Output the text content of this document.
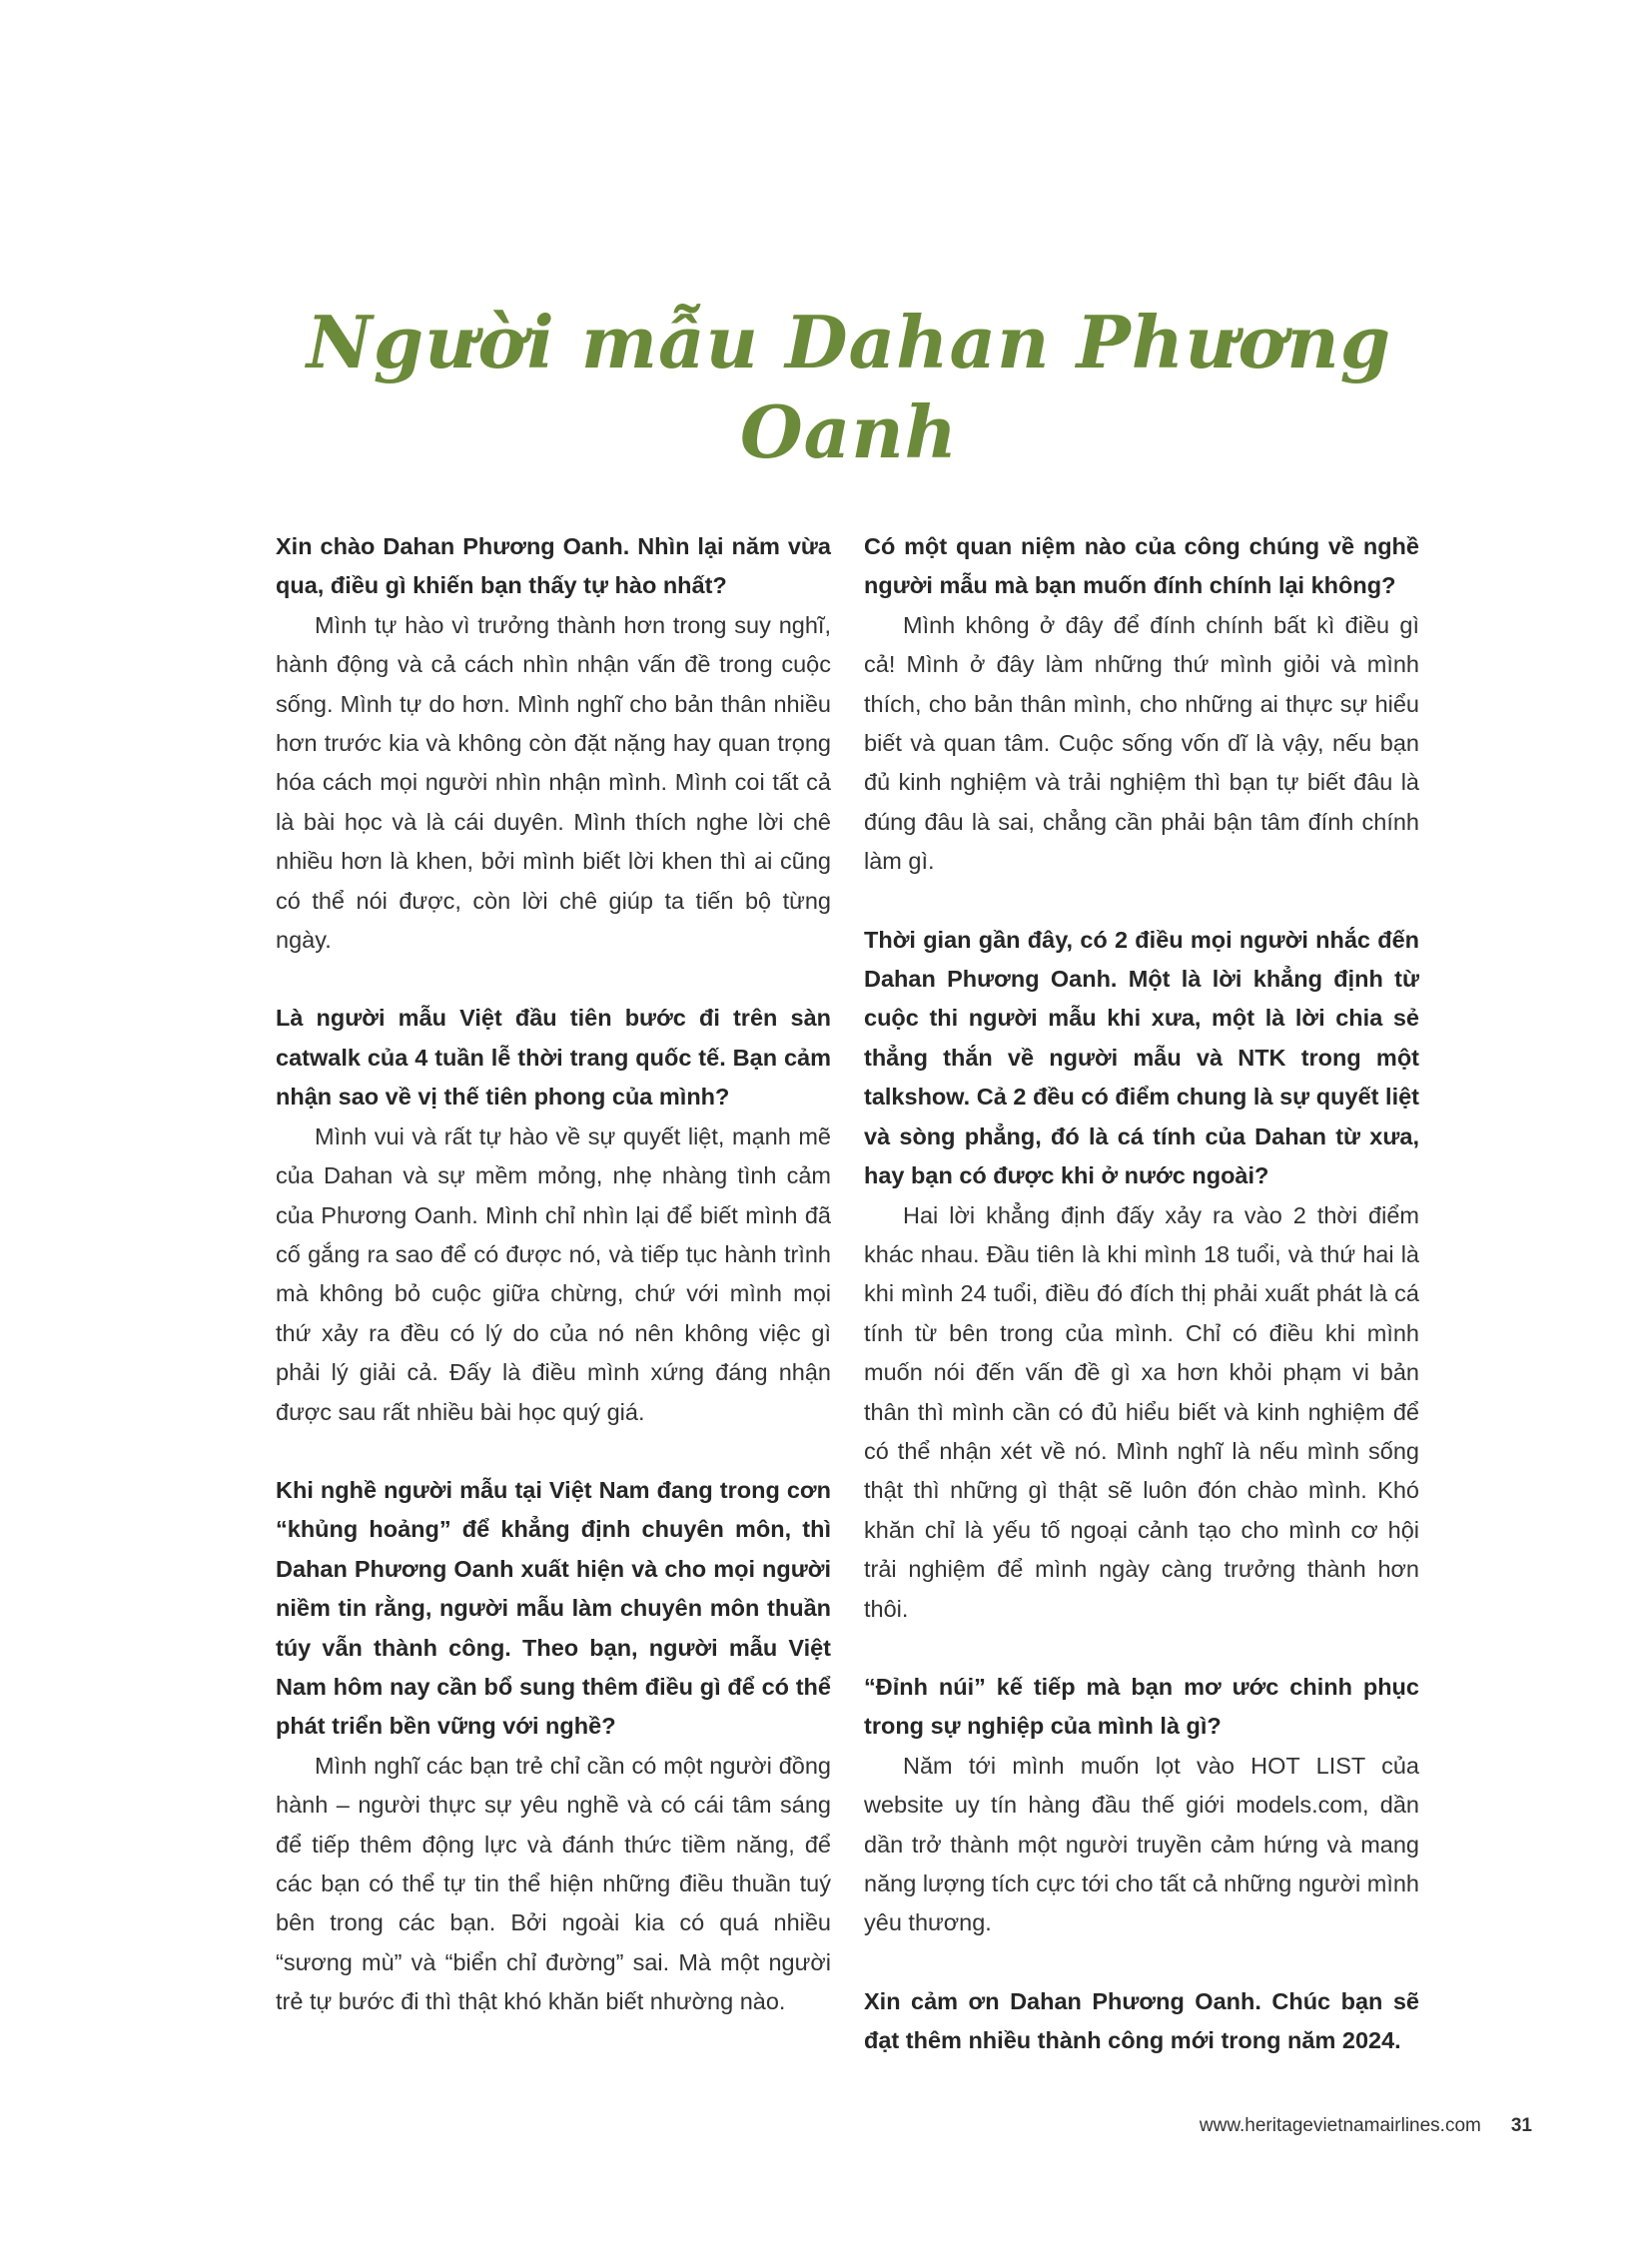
Người mẫu Dahan Phương Oanh

Xin chào Dahan Phương Oanh. Nhìn lại năm vừa qua, điều gì khiến bạn thấy tự hào nhất?

Mình tự hào vì trưởng thành hơn trong suy nghĩ, hành động và cả cách nhìn nhận vấn đề trong cuộc sống. Mình tự do hơn. Mình nghĩ cho bản thân nhiều hơn trước kia và không còn đặt nặng hay quan trọng hóa cách mọi người nhìn nhận mình. Mình coi tất cả là bài học và là cái duyên. Mình thích nghe lời chê nhiều hơn là khen, bởi mình biết lời khen thì ai cũng có thể nói được, còn lời chê giúp ta tiến bộ từng ngày.

Là người mẫu Việt đầu tiên bước đi trên sàn catwalk của 4 tuần lễ thời trang quốc tế. Bạn cảm nhận sao về vị thế tiên phong của mình?

Mình vui và rất tự hào về sự quyết liệt, mạnh mẽ của Dahan và sự mềm mỏng, nhẹ nhàng tình cảm của Phương Oanh. Mình chỉ nhìn lại để biết mình đã cố gắng ra sao để có được nó, và tiếp tục hành trình mà không bỏ cuộc giữa chừng, chứ với mình mọi thứ xảy ra đều có lý do của nó nên không việc gì phải lý giải cả. Đấy là điều mình xứng đáng nhận được sau rất nhiều bài học quý giá.

Khi nghề người mẫu tại Việt Nam đang trong cơn “khủng hoảng” để khẳng định chuyên môn, thì Dahan Phương Oanh xuất hiện và cho mọi người niềm tin rằng, người mẫu làm chuyên môn thuần túy vẫn thành công. Theo bạn, người mẫu Việt Nam hôm nay cần bổ sung thêm điều gì để có thể phát triển bền vững với nghề?

Mình nghĩ các bạn trẻ chỉ cần có một người đồng hành – người thực sự yêu nghề và có cái tâm sáng để tiếp thêm động lực và đánh thức tiềm năng, để các bạn có thể tự tin thể hiện những điều thuần tuý bên trong các bạn. Bởi ngoài kia có quá nhiều “sương mù” và “biển chỉ đường” sai. Mà một người trẻ tự bước đi thì thật khó khăn biết nhường nào.

Có một quan niệm nào của công chúng về nghề người mẫu mà bạn muốn đính chính lại không?

Mình không ở đây để đính chính bất kì điều gì cả! Mình ở đây làm những thứ mình giỏi và mình thích, cho bản thân mình, cho những ai thực sự hiểu biết và quan tâm. Cuộc sống vốn dĩ là vậy, nếu bạn đủ kinh nghiệm và trải nghiệm thì bạn tự biết đâu là đúng đâu là sai, chẳng cần phải bận tâm đính chính làm gì.

Thời gian gần đây, có 2 điều mọi người nhắc đến Dahan Phương Oanh. Một là lời khẳng định từ cuộc thi người mẫu khi xưa, một là lời chia sẻ thẳng thắn về người mẫu và NTK trong một talkshow. Cả 2 đều có điểm chung là sự quyết liệt và sòng phẳng, đó là cá tính của Dahan từ xưa, hay bạn có được khi ở nước ngoài?

Hai lời khẳng định đấy xảy ra vào 2 thời điểm khác nhau. Đầu tiên là khi mình 18 tuổi, và thứ hai là khi mình 24 tuổi, điều đó đích thị phải xuất phát là cá tính từ bên trong của mình. Chỉ có điều khi mình muốn nói đến vấn đề gì xa hơn khỏi phạm vi bản thân thì mình cần có đủ hiểu biết và kinh nghiệm để có thể nhận xét về nó. Mình nghĩ là nếu mình sống thật thì những gì thật sẽ luôn đón chào mình. Khó khăn chỉ là yếu tố ngoại cảnh tạo cho mình cơ hội trải nghiệm để mình ngày càng trưởng thành hơn thôi.

“Đỉnh núi” kế tiếp mà bạn mơ ước chinh phục trong sự nghiệp của mình là gì?

Năm tới mình muốn lọt vào HOT LIST của website uy tín hàng đầu thế giới models.com, dần dần trở thành một người truyền cảm hứng và mang năng lượng tích cực tới cho tất cả những người mình yêu thương.

Xin cảm ơn Dahan Phương Oanh. Chúc bạn sẽ đạt thêm nhiều thành công mới trong năm 2024.

www.heritagevietnamairlines.com 31
